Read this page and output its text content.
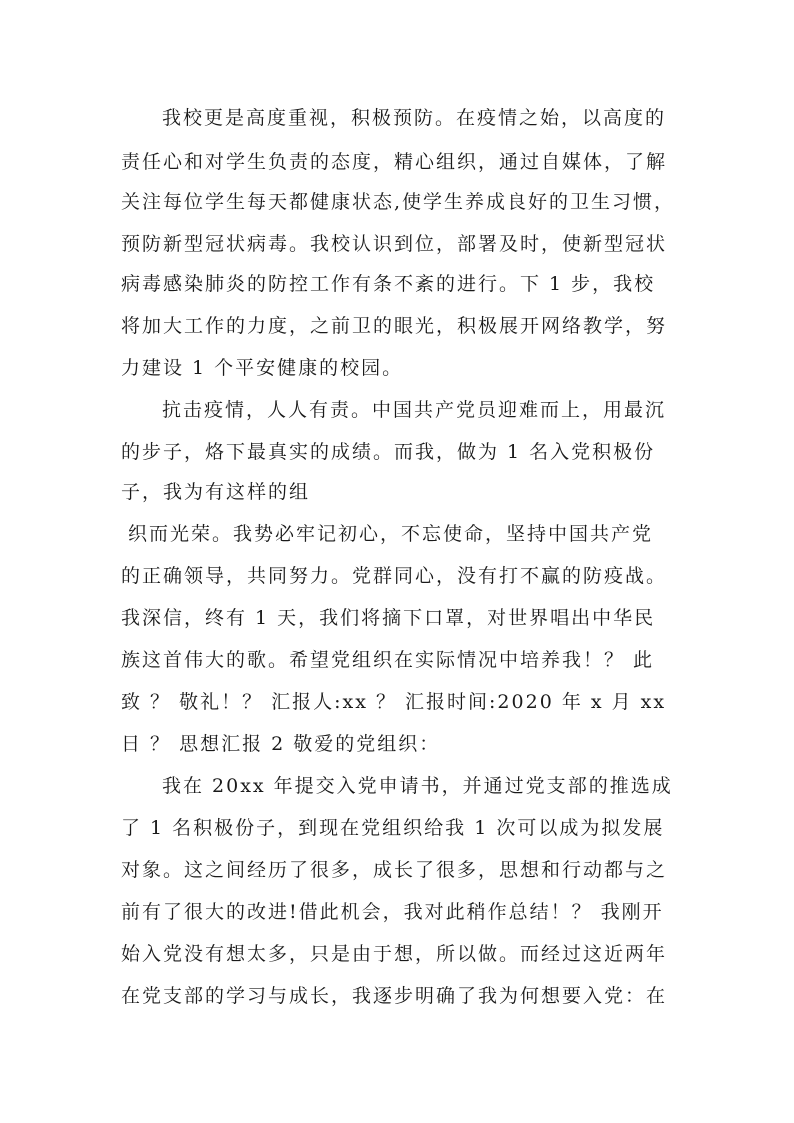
我校更是高度重视，积极预防。在疫情之始，以高度的
责任心和对学生负责的态度，精心组织，通过自媒体，了解
关注每位学生每天都健康状态,使学生养成良好的卫生习惯，
预防新型冠状病毒。我校认识到位，部署及时，使新型冠状
病毒感染肺炎的防控工作有条不紊的进行。下 1 步，我校
将加大工作的力度，之前卫的眼光，积极展开网络教学，努
力建设 1 个平安健康的校园。
抗击疫情，人人有责。中国共产党员迎难而上，用最沉
的步子，烙下最真实的成绩。而我，做为 1 名入党积极份
子，我为有这样的组
织而光荣。我势必牢记初心，不忘使命，坚持中国共产党
的正确领导，共同努力。党群同心，没有打不赢的防疫战。
我深信，终有 1 天，我们将摘下口罩，对世界唱出中华民
族这首伟大的歌。希望党组织在实际情况中培养我！？ 此
致 ？ 敬礼！？ 汇报人:xx ？ 汇报时间:2020 年 x 月 xx
日 ？ 思想汇报 2 敬爱的党组织：
我在 20xx 年提交入党申请书，并通过党支部的推选成
了 1 名积极份子，到现在党组织给我 1 次可以成为拟发展
对象。这之间经历了很多，成长了很多，思想和行动都与之
前有了很大的改进!借此机会，我对此稍作总结！？ 我刚开
始入党没有想太多，只是由于想，所以做。而经过这近两年
在党支部的学习与成长，我逐步明确了我为何想要入党：在
